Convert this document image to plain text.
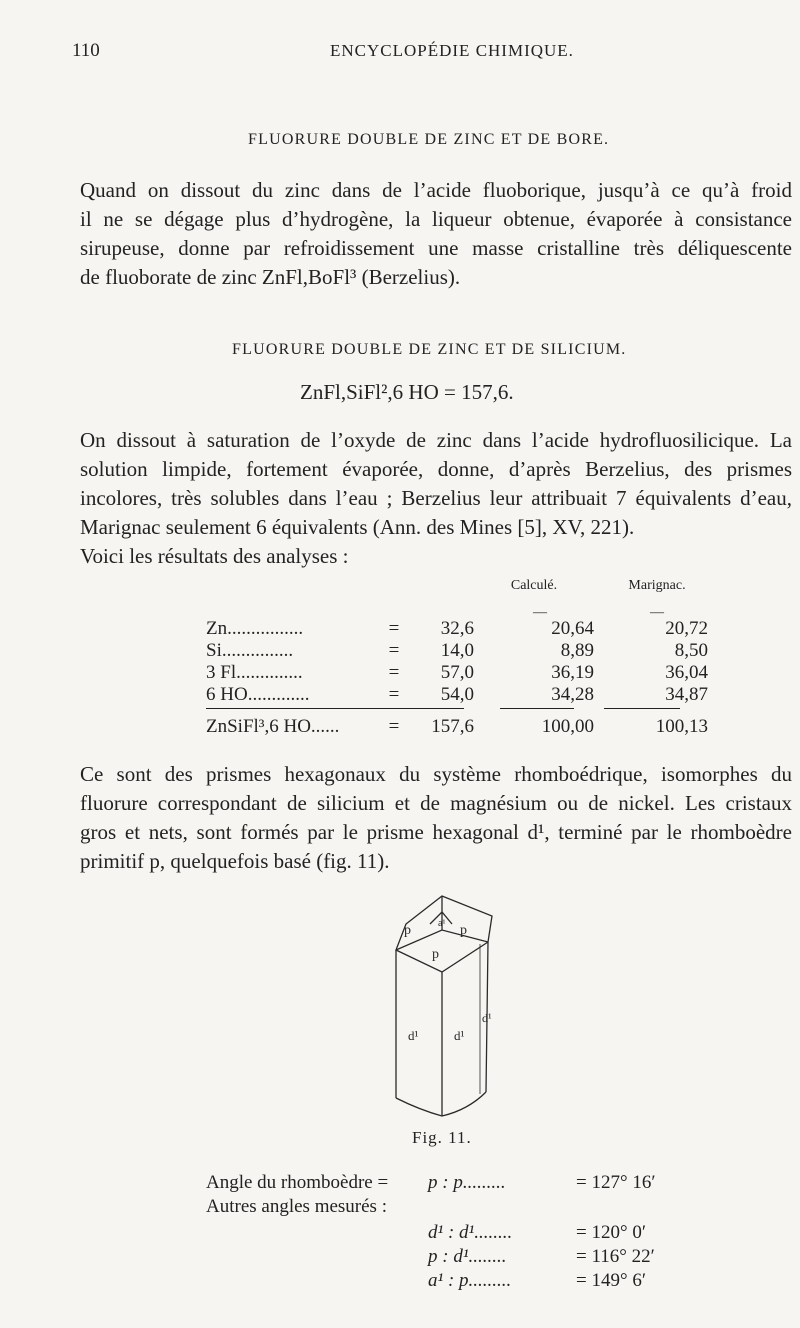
110	ENCYCLOPÉDIE CHIMIQUE.
FLUORURE DOUBLE DE ZINC ET DE BORE.
Quand on dissout du zinc dans de l’acide fluoborique, jusqu’à ce qu’à froid
il ne se dégage plus d’hydrogène, la liqueur obtenue, évaporée à consistance
sirupeuse, donne par refroidissement une masse cristalline très déliquescente
de fluoborate de zinc ZnFl,BoFl³ (Berzelius).
FLUORURE DOUBLE DE ZINC ET DE SILICIUM.
ZnFl,SiFl²,6 HO = 157,6.
On dissout à saturation de l’oxyde de zinc dans l’acide hydrofluosilicique. La
solution limpide, fortement évaporée, donne, d’après Berzelius, des prismes
incolores, très solubles dans l’eau ; Berzelius leur attribuait 7 équivalents d’eau,
Marignac seulement 6 équivalents (Ann. des Mines [5], XV, 221).
Voici les résultats des analyses :
			Calculé.	Marignac.
			—	—
Zn................	=	32,6	20,64	20,72
Si...............	=	14,0	8,89	8,50
3 Fl..............	=	57,0	36,19	36,04
6 HO.............	=	54,0	34,28	34,87
ZnSiFl³,6 HO......	=	157,6	100,00	100,13
Ce sont des prismes hexagonaux du système rhomboédrique, isomorphes du
fluorure correspondant de silicium et de magnésium ou de nickel. Les cristaux
gros et nets, sont formés par le prisme hexagonal d¹, terminé par le rhomboèdre
primitif p, quelquefois basé (fig. 11).
p	a¹ p
p
d¹	d¹
d¹
Fig. 11.
Angle du rhomboèdre = p : p.........	= 127° 16′
Autres angles mesurés :
d¹ : d¹........	= 120° 0′
p : d¹........	= 116° 22′
a¹ : p.........	= 149° 6′
